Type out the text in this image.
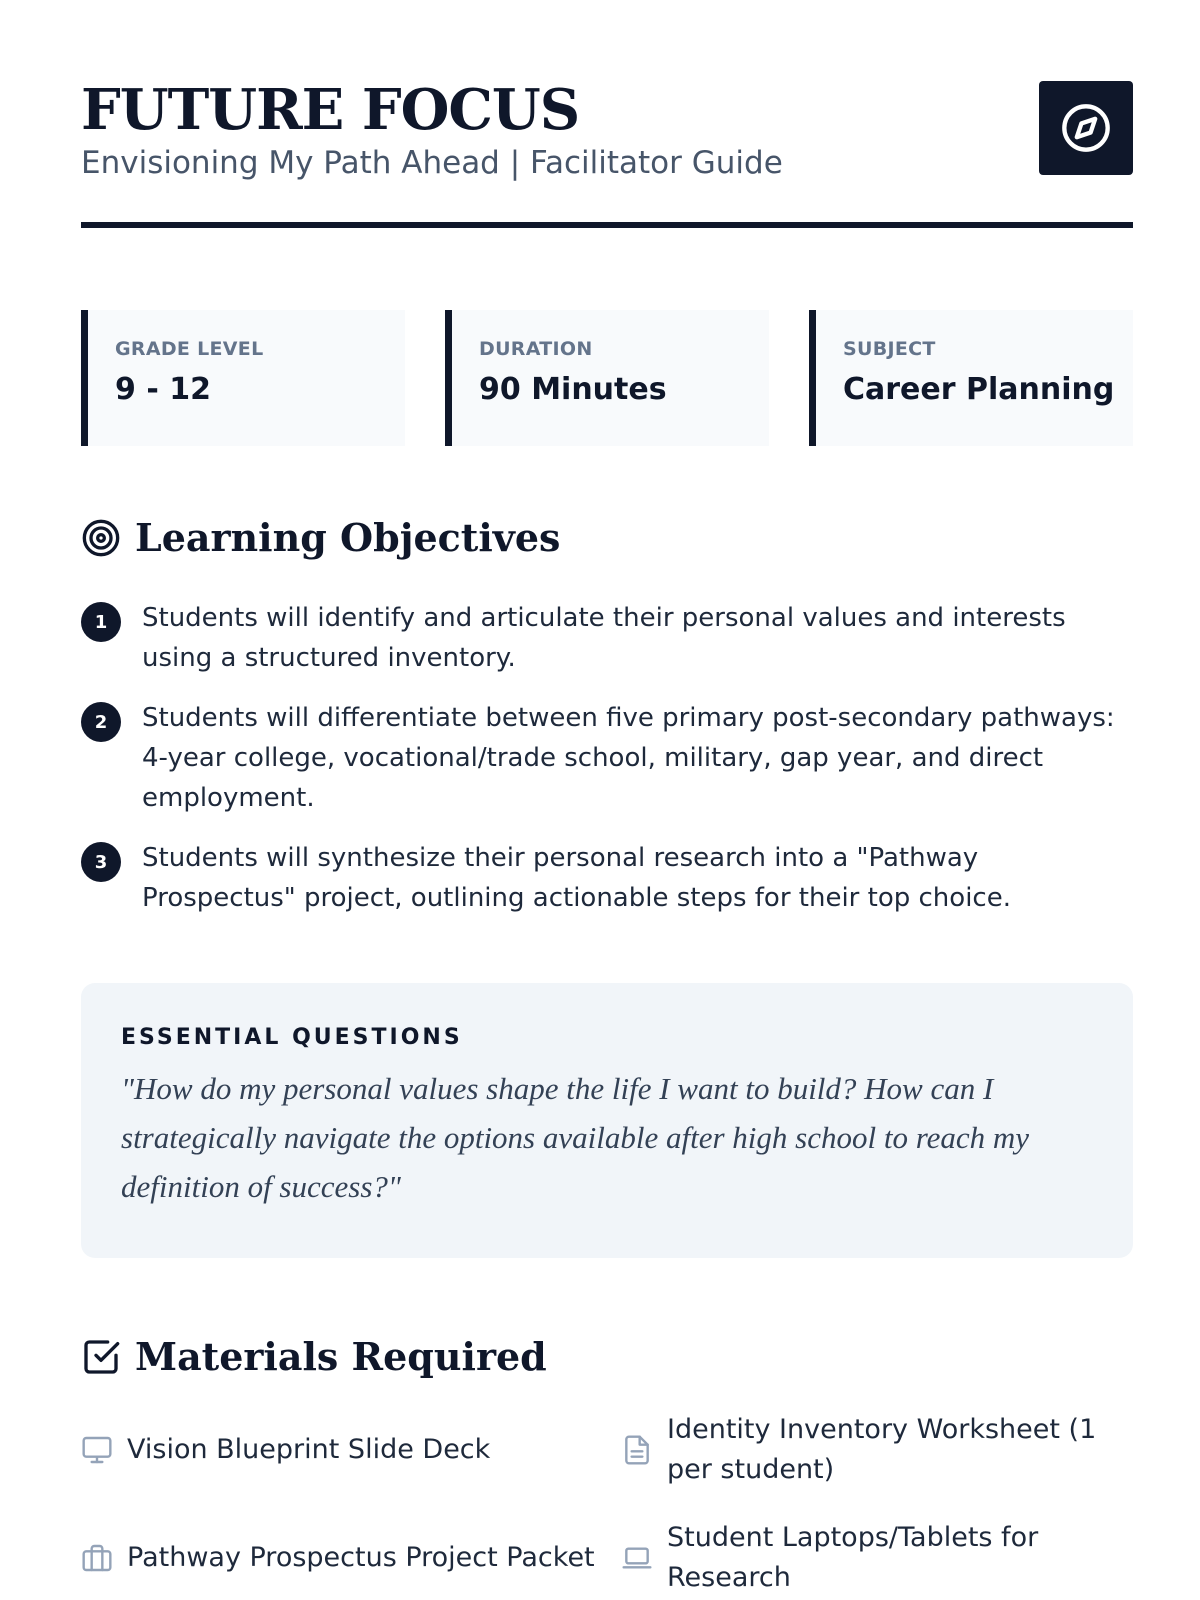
FUTURE FOCUS
Envisioning My Path Ahead | Facilitator Guide
GRADE LEVEL
9 - 12
DURATION
90 Minutes
SUBJECT
Career Planning
Learning Objectives
1	Students will identify and articulate their personal values and interests using a structured inventory.
2	Students will differentiate between five primary post-secondary pathways: 4-year college, vocational/trade school, military, gap year, and direct employment.
3	Students will synthesize their personal research into a "Pathway Prospectus" project, outlining actionable steps for their top choice.
ESSENTIAL QUESTIONS
"How do my personal values shape the life I want to build? How can I strategically navigate the options available after high school to reach my definition of success?"
Materials Required
Vision Blueprint Slide Deck
Identity Inventory Worksheet (1 per student)
Pathway Prospectus Project Packet
Student Laptops/Tablets for Research
